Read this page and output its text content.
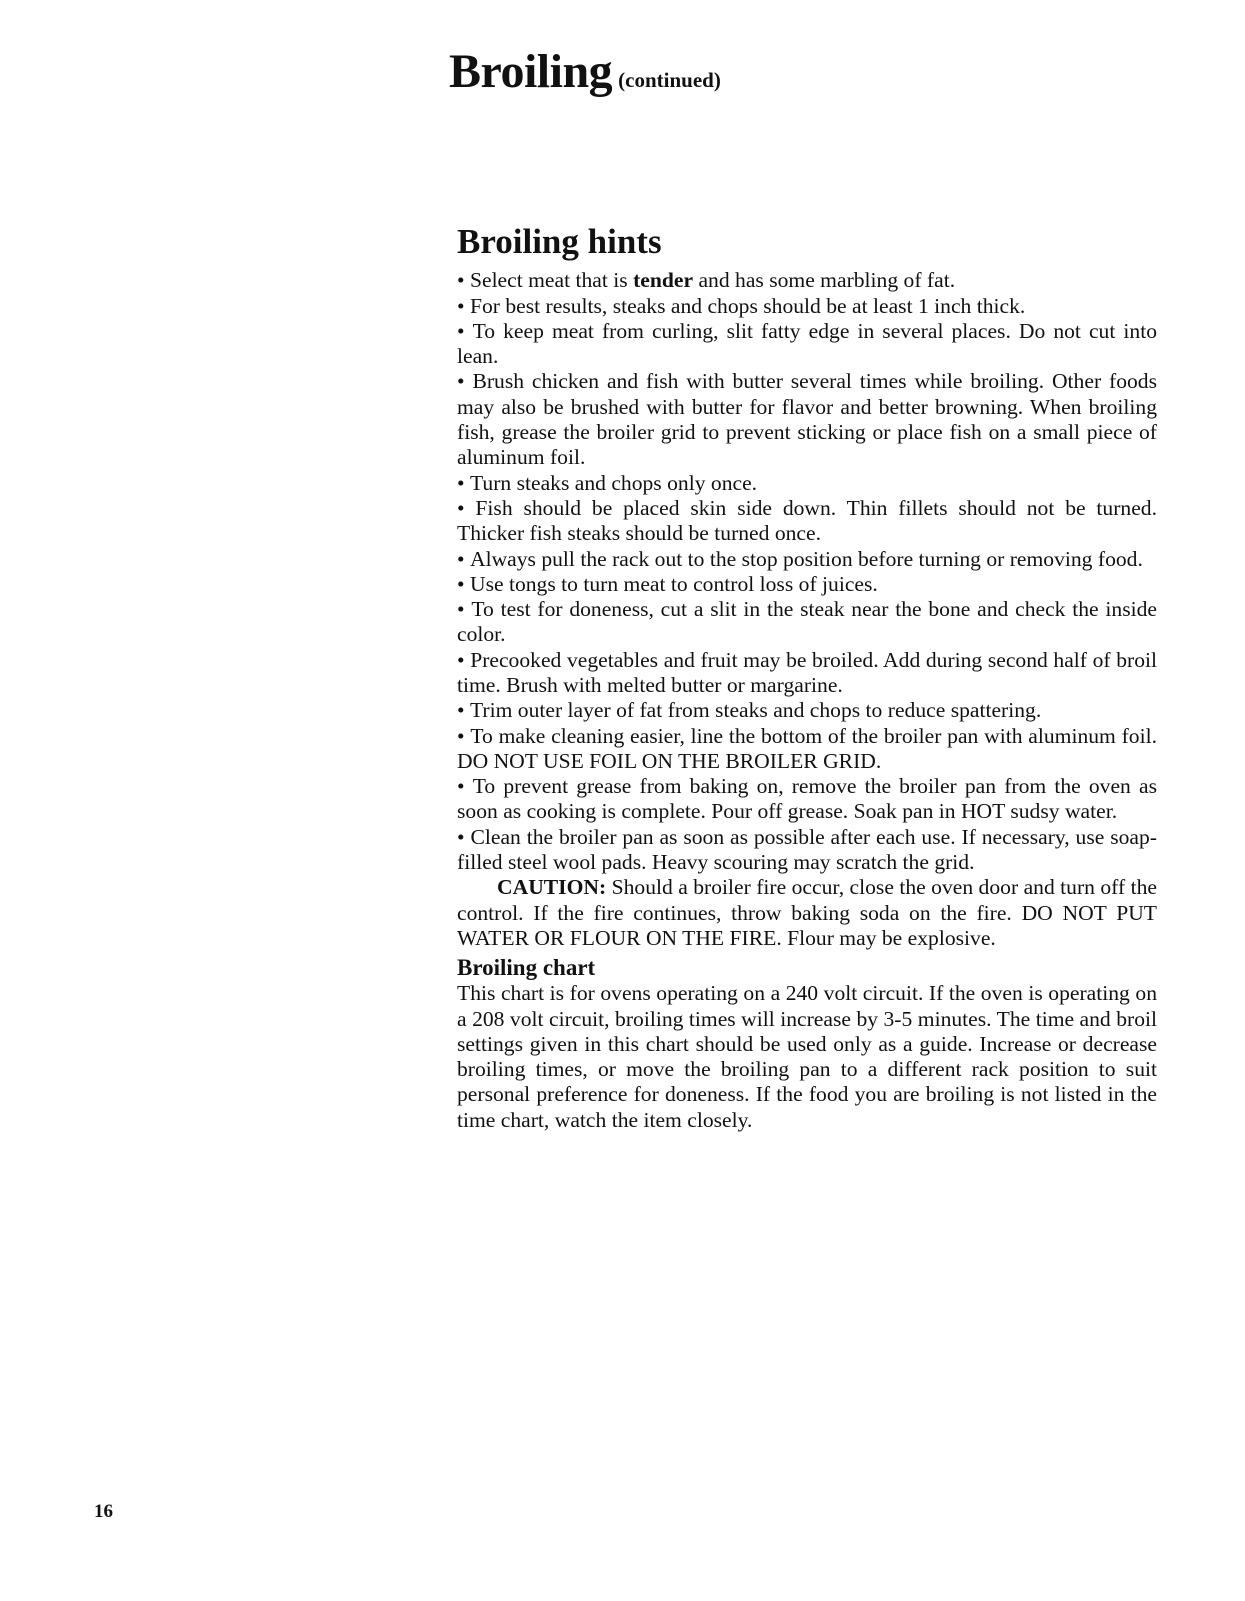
Broiling (continued)
Broiling hints

• Select meat that is tender and has some marbling of fat.

• For best results, steaks and chops should be at least 1 inch thick.

• To keep meat from curling, slit fatty edge in several places. Do not cut into lean.

• Brush chicken and fish with butter several times while broiling. Other foods may also be brushed with butter for flavor and better browning. When broiling fish, grease the broiler grid to prevent sticking or place fish on a small piece of aluminum foil.

• Turn steaks and chops only once.

• Fish should be placed skin side down. Thin fillets should not be turned. Thicker fish steaks should be turned once.

• Always pull the rack out to the stop position before turning or removing food.

• Use tongs to turn meat to control loss of juices.

• To test for doneness, cut a slit in the steak near the bone and check the inside color.

• Precooked vegetables and fruit may be broiled. Add during second half of broil time. Brush with melted butter or margarine.

• Trim outer layer of fat from steaks and chops to reduce spattering.

• To make cleaning easier, line the bottom of the broiler pan with aluminum foil. DO NOT USE FOIL ON THE BROILER GRID.

• To prevent grease from baking on, remove the broiler pan from the oven as soon as cooking is complete. Pour off grease. Soak pan in HOT sudsy water.

• Clean the broiler pan as soon as possible after each use. If necessary, use soap-filled steel wool pads. Heavy scouring may scratch the grid.

CAUTION: Should a broiler fire occur, close the oven door and turn off the control. If the fire continues, throw baking soda on the fire. DO NOT PUT WATER OR FLOUR ON THE FIRE. Flour may be explosive.

Broiling chart

This chart is for ovens operating on a 240 volt circuit. If the oven is operating on a 208 volt circuit, broiling times will increase by 3-5 minutes. The time and broil settings given in this chart should be used only as a guide. Increase or decrease broiling times, or move the broiling pan to a different rack position to suit personal preference for doneness. If the food you are broiling is not listed in the time chart, watch the item closely.

16
